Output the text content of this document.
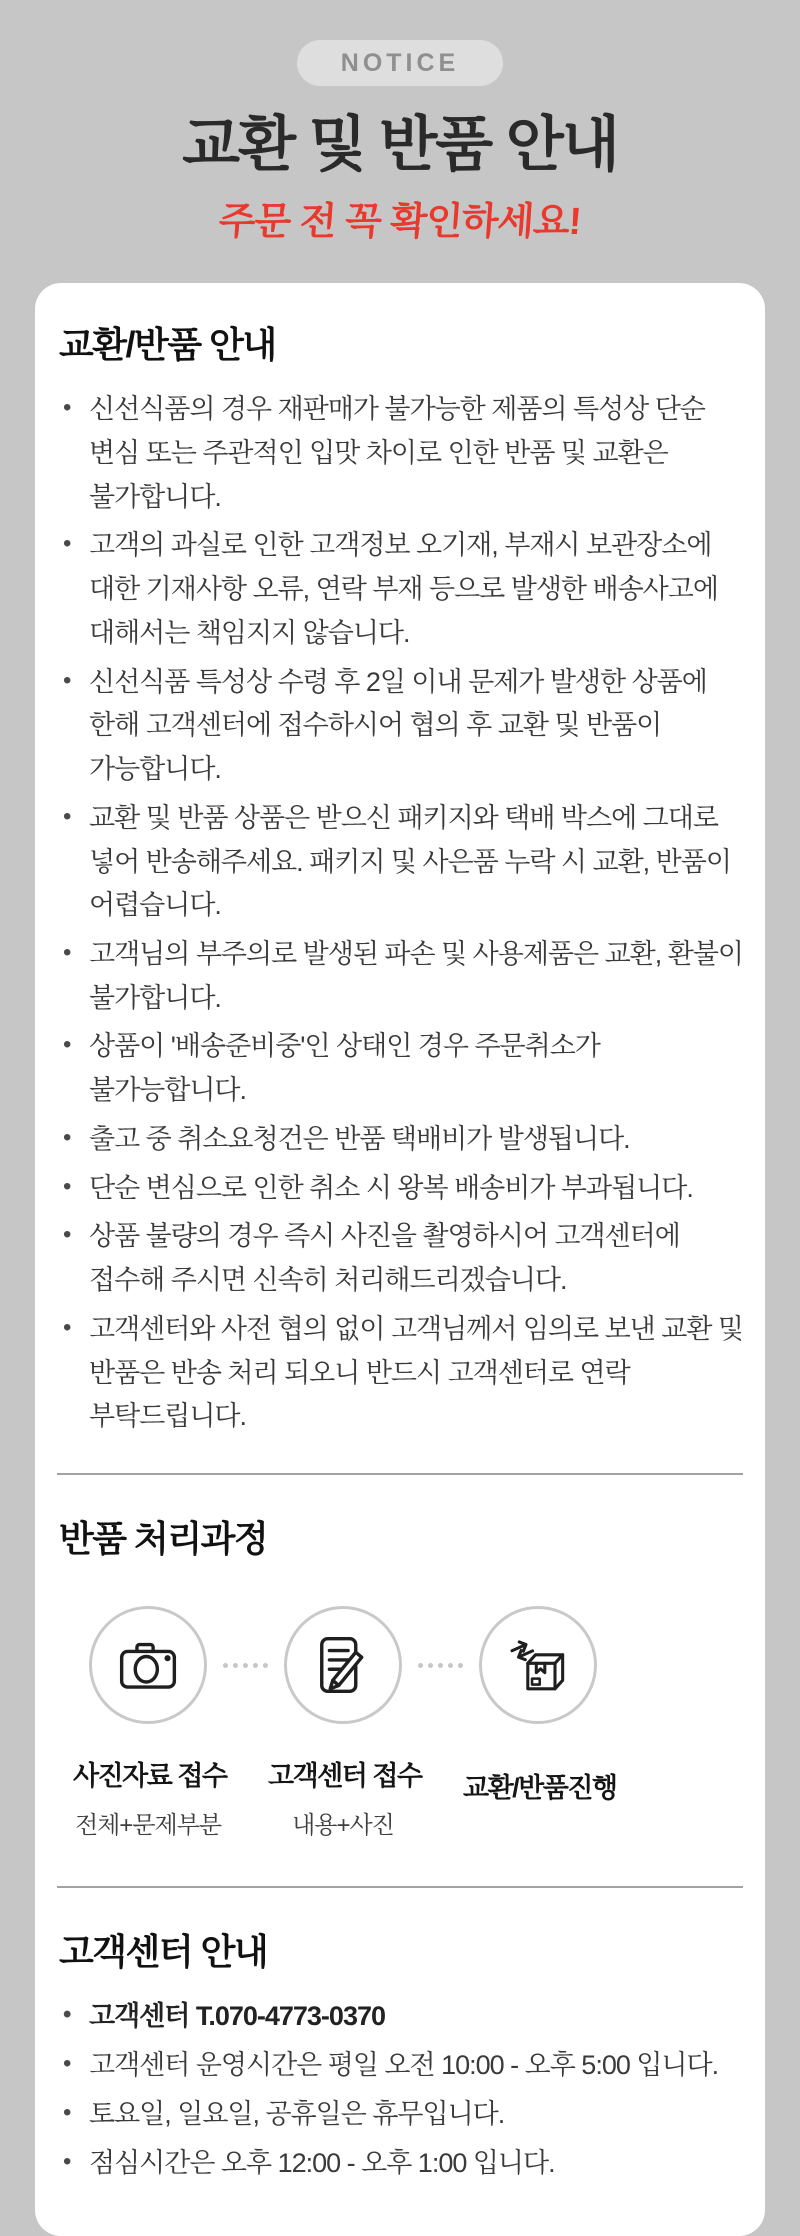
NOTICE
교환 및 반품 안내
주문 전 꼭 확인하세요!
교환/반품 안내
• 신선식품의 경우 재판매가 불가능한 제품의 특성상 단순 변심 또는 주관적인 입맛 차이로 인한 반품 및 교환은 불가합니다.
• 고객의 과실로 인한 고객정보 오기재, 부재시 보관장소에 대한 기재사항 오류, 연락 부재 등으로 발생한 배송사고에 대해서는 책임지지 않습니다.
• 신선식품 특성상 수령 후 2일 이내 문제가 발생한 상품에 한해 고객센터에 접수하시어 협의 후 교환 및 반품이 가능합니다.
• 교환 및 반품 상품은 받으신 패키지와 택배 박스에 그대로 넣어 반송해주세요. 패키지 및 사은품 누락 시 교환, 반품이 어렵습니다.
• 고객님의 부주의로 발생된 파손 및 사용제품은 교환, 환불이 불가합니다.
• 상품이 '배송준비중'인 상태인 경우 주문취소가 불가능합니다.
• 출고 중 취소요청건은 반품 택배비가 발생됩니다.
• 단순 변심으로 인한 취소 시 왕복 배송비가 부과됩니다.
• 상품 불량의 경우 즉시 사진을 촬영하시어 고객센터에 접수해 주시면 신속히 처리해드리겠습니다.
• 고객센터와 사전 협의 없이 고객님께서 임의로 보낸 교환 및 반품은 반송 처리 되오니 반드시 고객센터로 연락 부탁드립니다.
반품 처리과정
사진자료 접수
전체+문제부분
고객센터 접수
내용+사진
교환/반품진행
고객센터 안내
• 고객센터 T.070-4773-0370
• 고객센터 운영시간은 평일 오전 10:00 - 오후 5:00 입니다.
• 토요일, 일요일, 공휴일은 휴무입니다.
• 점심시간은 오후 12:00 - 오후 1:00 입니다.
